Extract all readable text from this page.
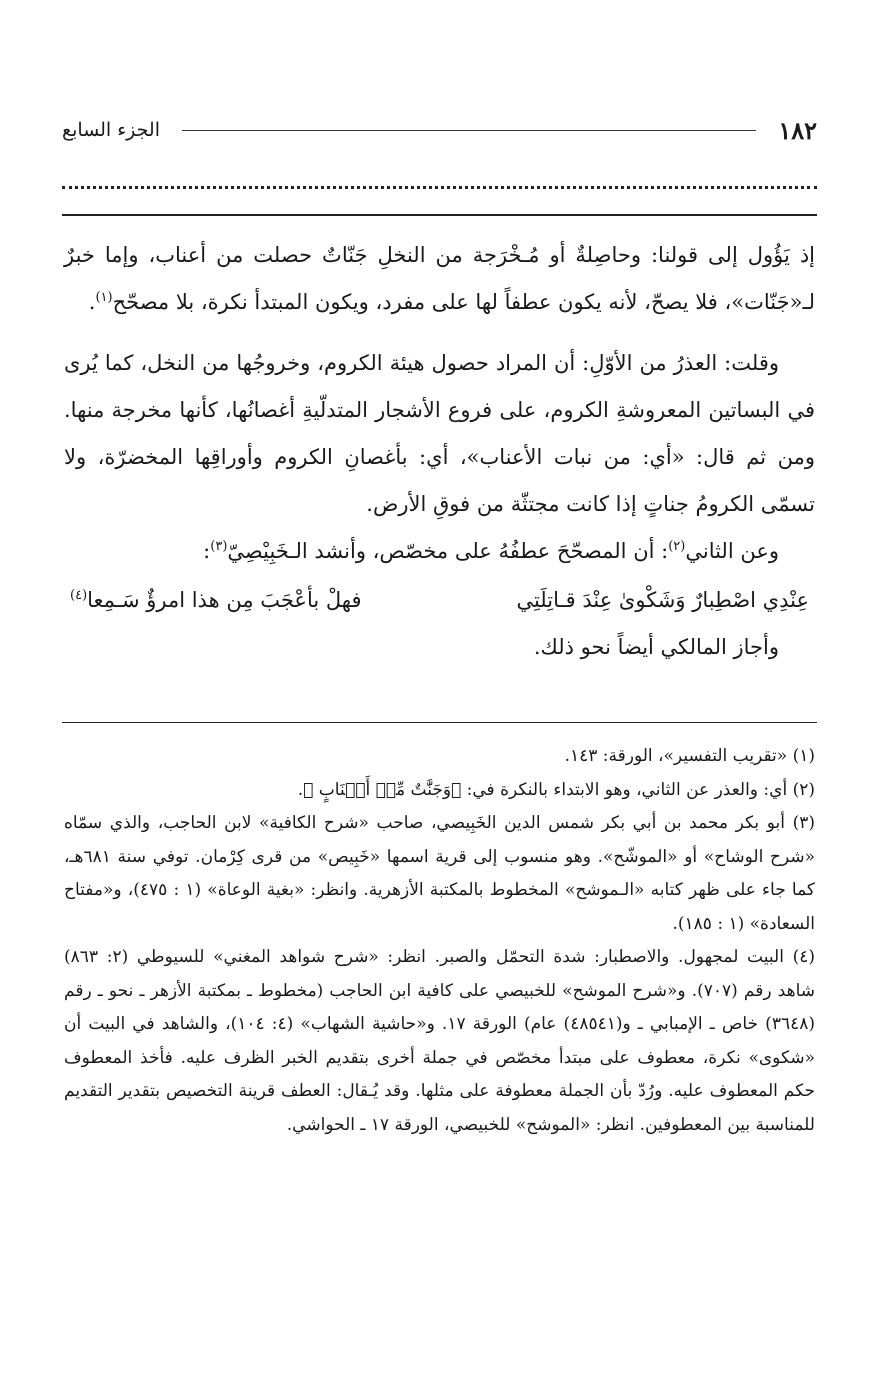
١٨٢
الجزء السابع

إذ يَؤُول إلى قولنا: وحاصِلةٌ أو مُـخْرَجة من النخلِ جَنّاتٌ حصلت من أعناب، وإما خبرٌ لـ«جَنّات»، فلا يصحّ، لأنه يكون عطفاً لها على مفرد، ويكون المبتدأ نكرة، بلا مصحّح$^{(١)}$.

وقلت: العذرُ من الأوّلِ: أن المراد حصول هيئة الكروم، وخروجُها من النخل، كما يُرى في البساتين المعروشةِ الكروم، على فروع الأشجار المتدلّيةِ أغصانُها، كأنها مخرجة منها. ومن ثم قال: «أي: من نبات الأعناب»، أي: بأغصانِ الكروم وأوراقِها المخضرّة، ولا تسمّى الكرومُ جناتٍ إذا كانت مجتثّة من فوقِ الأرض.

وعن الثاني$^{(٢)}$: أن المصحّحَ عطفُهُ على مخصّص، وأنشد الـخَبِيْصِيّ$^{(٣)}$:

عِنْدِي اصْطِبارٌ وَشَكْوىٰ عِنْدَ قـاتِلَتِي
فهلْ بأعْجَبَ مِن هذا امرؤٌ سَـمِعا$^{(٤)}$

وأجاز المالكي أيضاً نحو ذلك.

(١) «تقريب التفسير»، الورقة: ١٤٣.

(٢) أي: والعذر عن الثاني، وهو الابتداء بالنكرة في: ﴿وَجَنَّٰتٌ مِّنۡ أَعۡنَابٍ ﴾.

(٣) أبو بكر محمد بن أبي بكر شمس الدين الخَبِيصي، صاحب «شرح الكافية» لابن الحاجب، والذي سمّاه «شرح الوشاح» أو «الموشّح». وهو منسوب إلى قرية اسمها «خَبِيص» من قرى كِرْمان. توفي سنة ٦٨١هـ، كما جاء على ظهر كتابه «الـموشح» المخطوط بالمكتبة الأزهرية. وانظر: «بغية الوعاة» (١ : ٤٧٥)، و«مفتاح السعادة» (١ : ١٨٥).

(٤) البيت لمجهول. والاصطبار: شدة التحمّل والصبر. انظر: «شرح شواهد المغني» للسيوطي (٢: ٨٦٣) شاهد رقم (٧٠٧). و«شرح الموشح» للخبيصي على كافية ابن الحاجب (مخطوط ـ بمكتبة الأزهر ـ نحو ـ رقم (٣٦٤٨) خاص ـ الإمبابي ـ و(٤٨٥٤١) عام) الورقة ١٧. و«حاشية الشهاب» (٤: ١٠٤)، والشاهد في البيت أن «شكوى» نكرة، معطوف على مبتدأ مخصّص في جملة أخرى بتقديم الخبر الظرف عليه. فأخذ المعطوف حكم المعطوف عليه. ورُدّ بأن الجملة معطوفة على مثلها. وقد يُـقال: العطف قرينة التخصيص بتقدير التقديم للمناسبة بين المعطوفين. انظر: «الموشح» للخبيصي، الورقة ١٧ ـ الحواشي.
